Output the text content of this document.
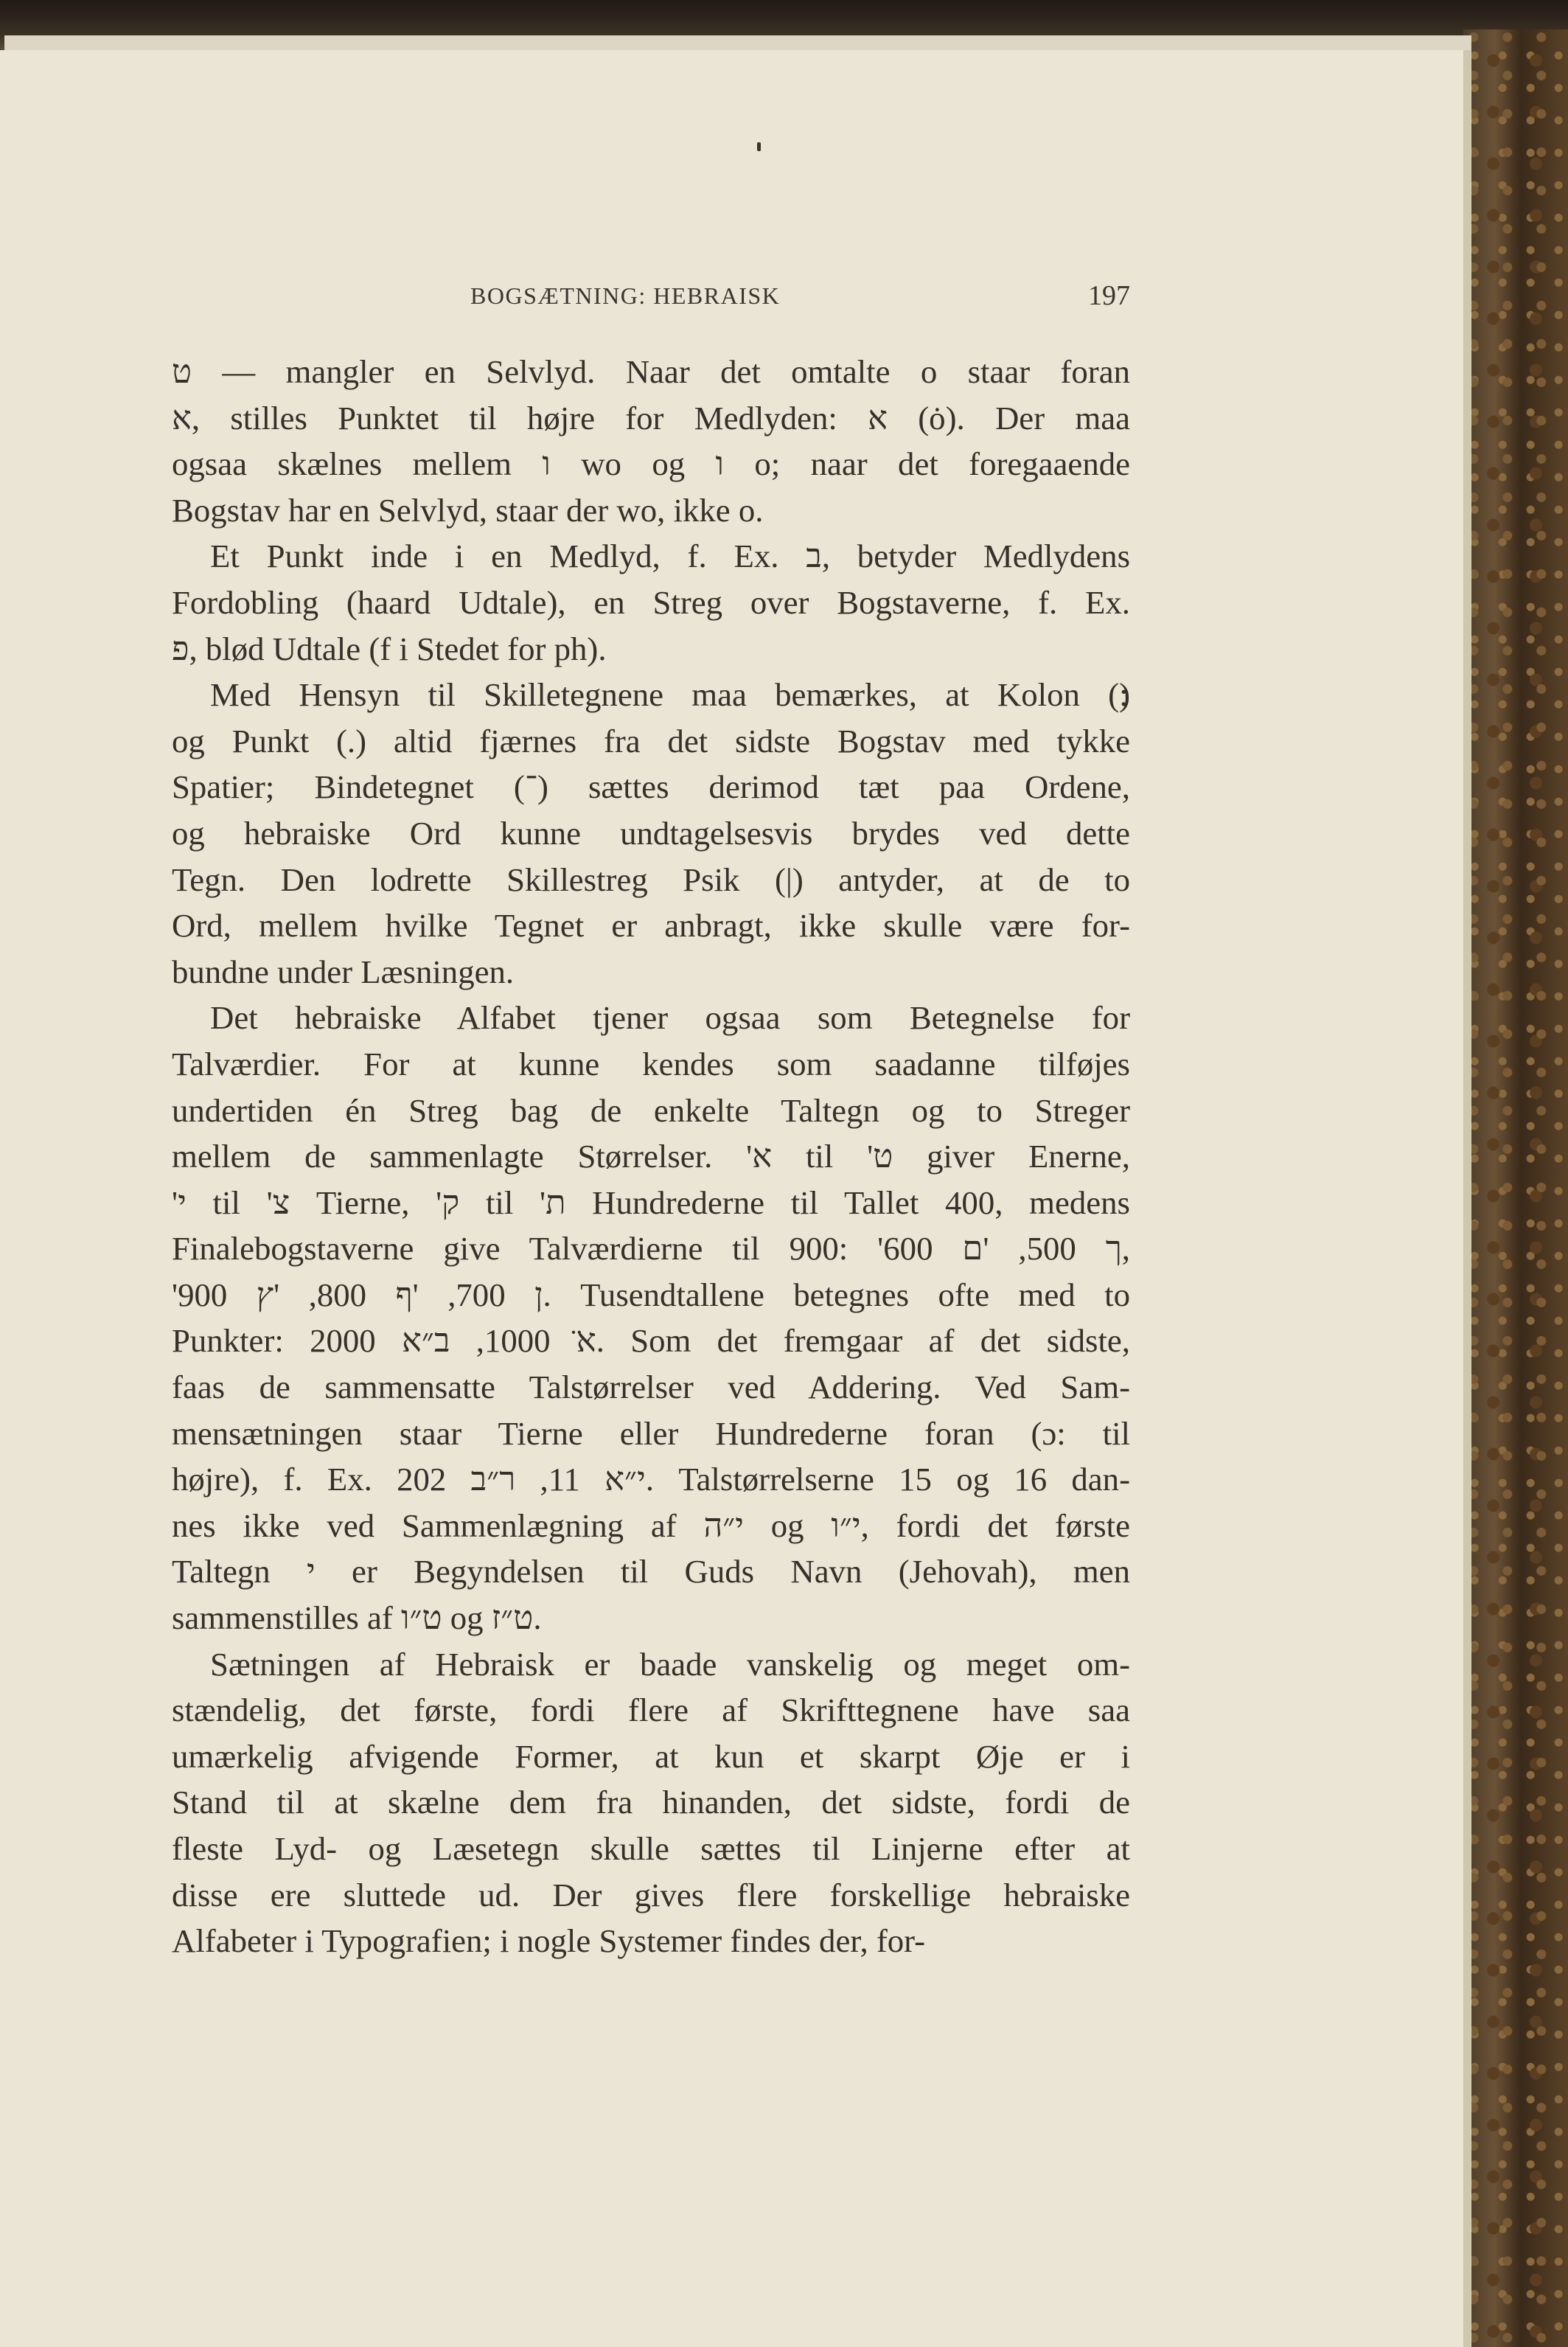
BOGSÆTNING: HEBRAISK	197

ט — mangler en Selvlyd. Naar det omtalte o staar foran

א, stilles Punktet til højre for Medlyden: א (ȯ). Der maa

ogsaa skælnes mellem ו wo og ו o; naar det foregaaende

Bogstav har en Selvlyd, staar der wo, ikke o.

Et Punkt inde i en Medlyd, f. Ex. ב, betyder Medlydens

Fordobling (haard Udtale), en Streg over Bogstaverne, f. Ex.

פ, blød Udtale (f i Stedet for ph).

Med Hensyn til Skilletegnene maa bemærkes, at Kolon (׃)

og Punkt (.) altid fjærnes fra det sidste Bogstav med tykke

Spatier; Bindetegnet (־) sættes derimod tæt paa Ordene,

og hebraiske Ord kunne undtagelsesvis brydes ved dette

Tegn. Den lodrette Skillestreg Psik (|) antyder, at de to

Ord, mellem hvilke Tegnet er anbragt, ikke skulle være for-

bundne under Læsningen.

Det hebraiske Alfabet tjener ogsaa som Betegnelse for

Talværdier. For at kunne kendes som saadanne tilføjes

undertiden én Streg bag de enkelte Taltegn og to Streger

mellem de sammenlagte Størrelser. 'א til 'ט giver Enerne,

'י til 'צ Tierne, 'ק til 'ת Hundrederne til Tallet 400, medens

Finalebogstaverne give Talværdierne til 900: 'ך 500, 'ם 600,

'ן 700, 'ף 800, 'ץ 900. Tusendtallene betegnes ofte med to

Punkter: א̈ 1000, ב״א 2000. Som det fremgaar af det sidste,

faas de sammensatte Talstørrelser ved Addering. Ved Sam-

mensætningen staar Tierne eller Hundrederne foran (ɔ: til

højre), f. Ex. י״א 11, ר״ב 202. Talstørrelserne 15 og 16 dan-

nes ikke ved Sammenlægning af י״ה og י״ו, fordi det første

Taltegn י er Begyndelsen til Guds Navn (Jehovah), men

sammenstilles af ט״ו og ט״ז.

Sætningen af Hebraisk er baade vanskelig og meget om-

stændelig, det første, fordi flere af Skrifttegnene have saa

umærkelig afvigende Former, at kun et skarpt Øje er i

Stand til at skælne dem fra hinanden, det sidste, fordi de

fleste Lyd- og Læsetegn skulle sættes til Linjerne efter at

disse ere sluttede ud. Der gives flere forskellige hebraiske

Alfabeter i Typografien; i nogle Systemer findes der, for-
